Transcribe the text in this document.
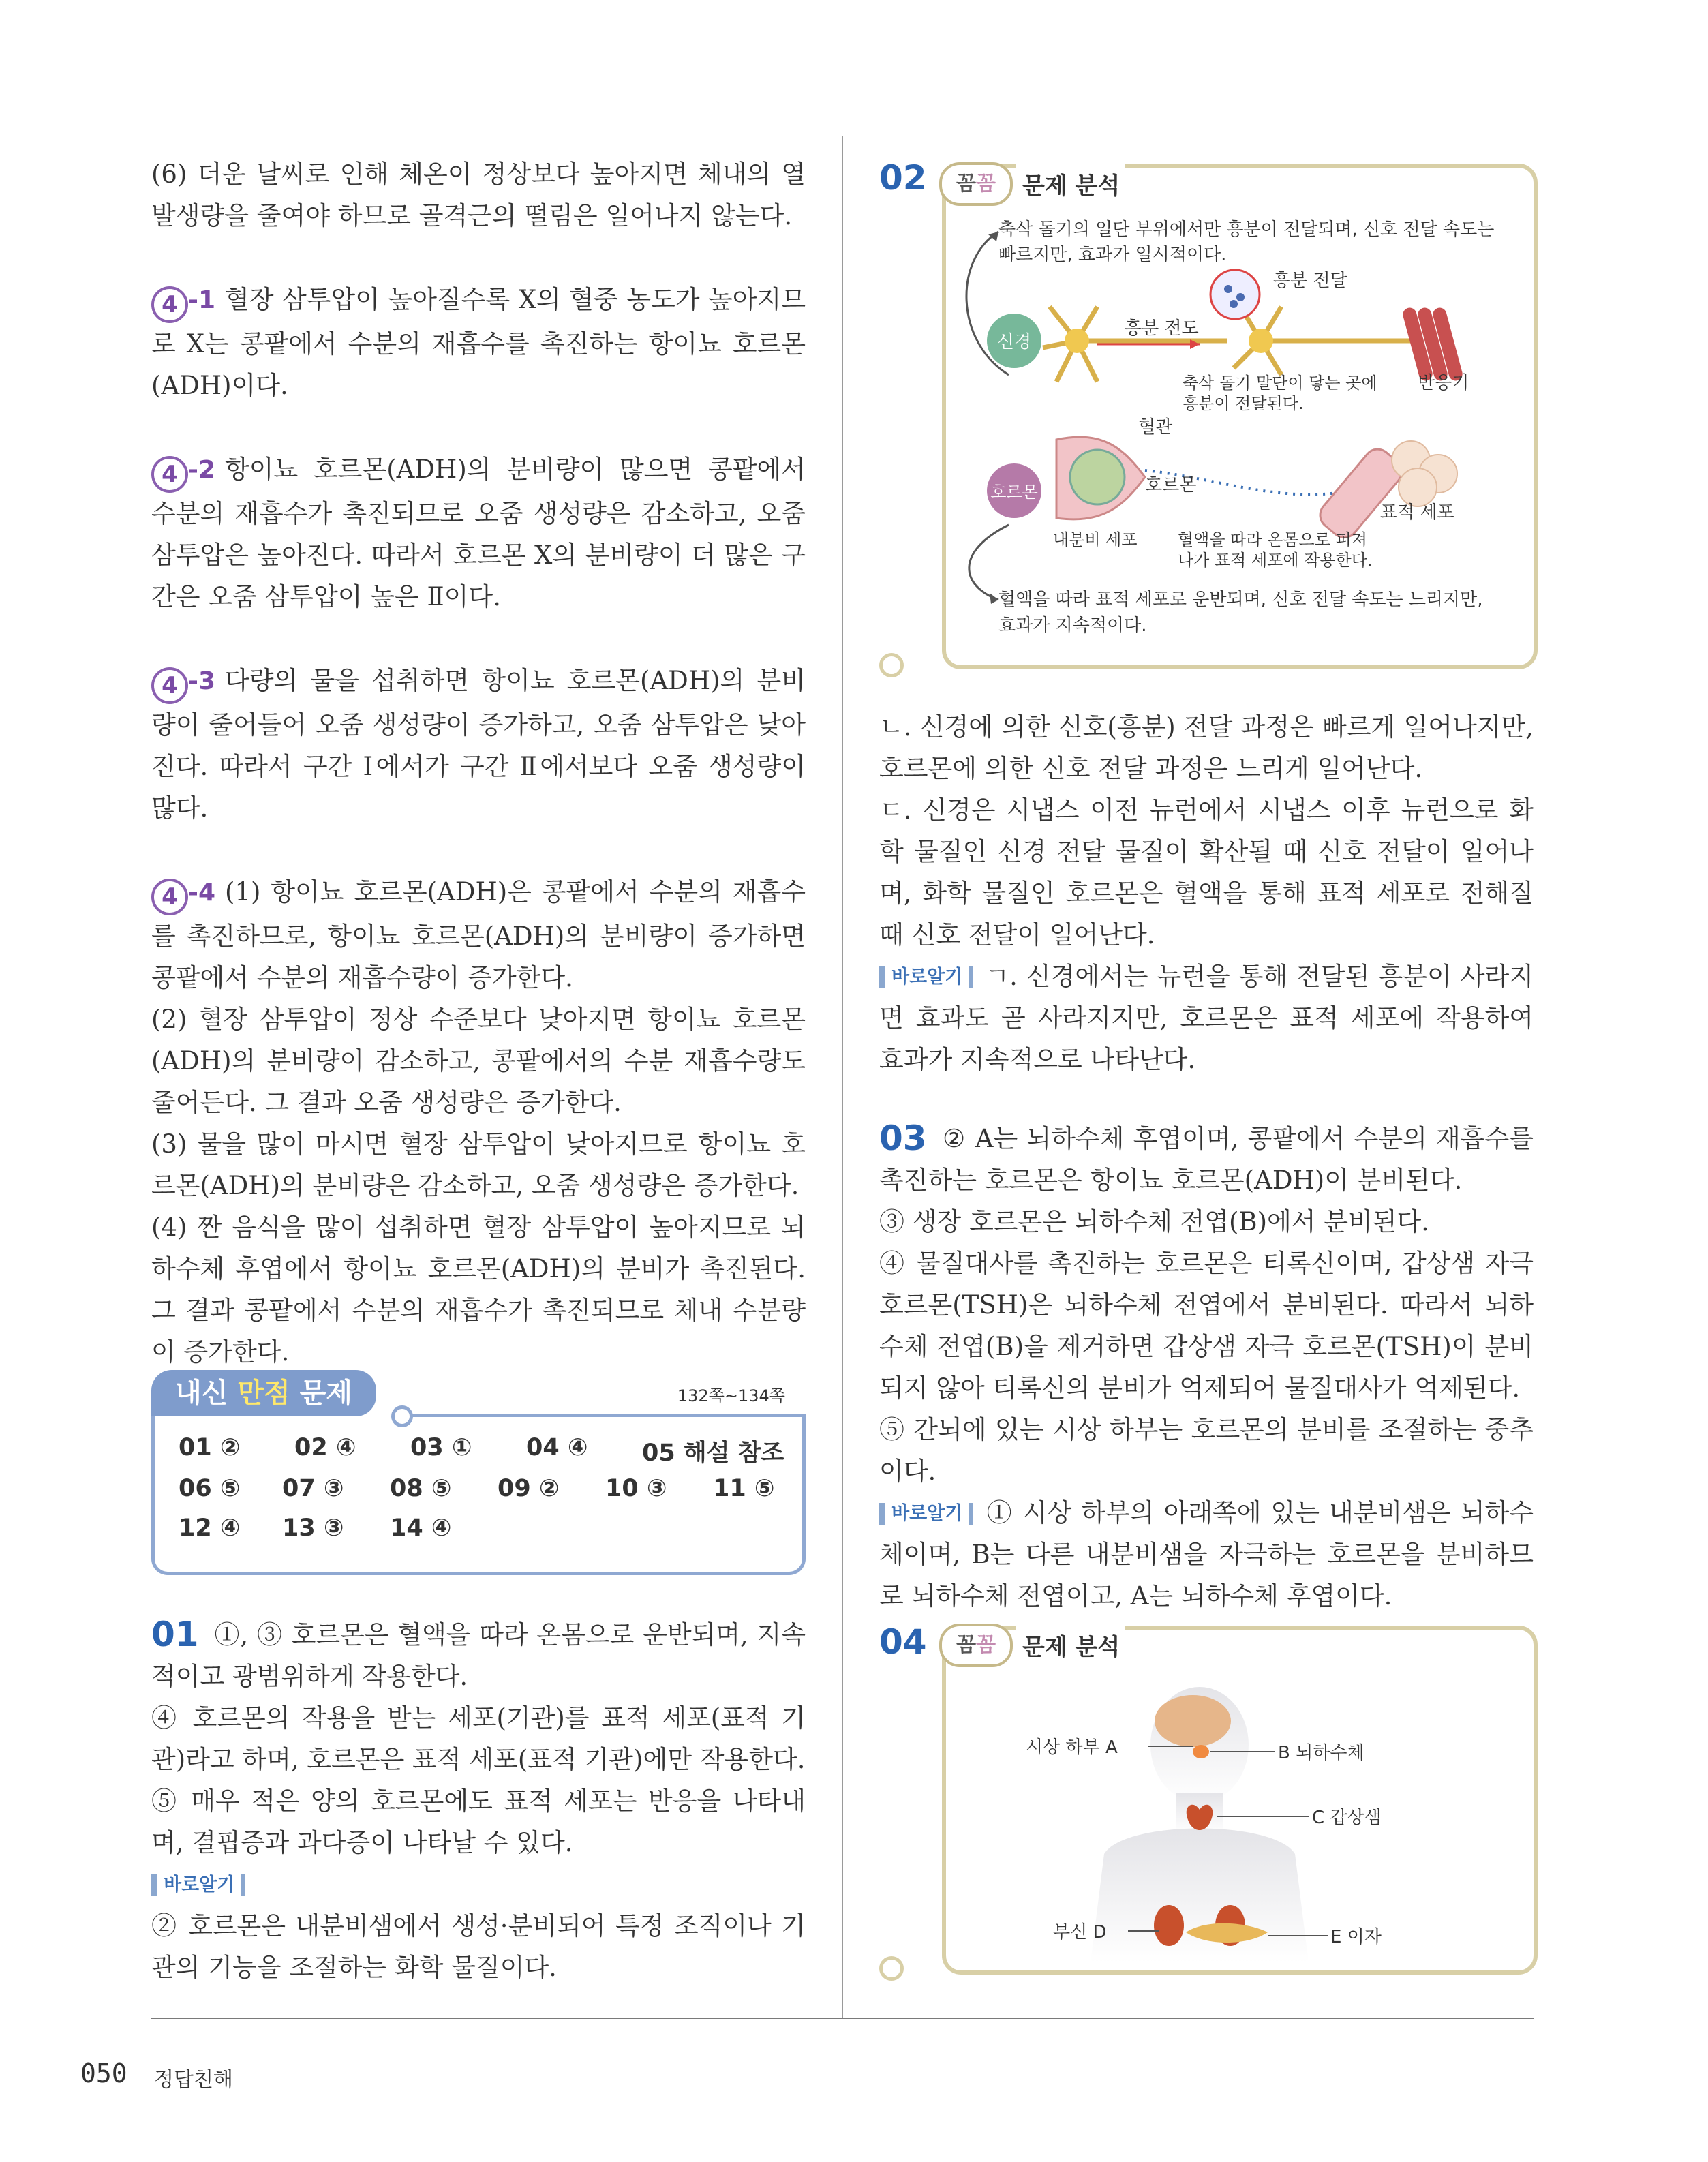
(6) 더운 날씨로 인해 체온이 정상보다 높아지면 체내의 열 발생량을 줄여야 하므로 골격근의 떨림은 일어나지 않는다.

4 -1 혈장 삼투압이 높아질수록 X의 혈중 농도가 높아지므로 X는 콩팥에서 수분의 재흡수를 촉진하는 항이뇨 호르몬(ADH)이다.

4 -2 항이뇨 호르몬(ADH)의 분비량이 많으면 콩팥에서 수분의 재흡수가 촉진되므로 오줌 생성량은 감소하고, 오줌 삼투압은 높아진다. 따라서 호르몬 X의 분비량이 더 많은 구간은 오줌 삼투압이 높은 Ⅱ이다.

4 -3 다량의 물을 섭취하면 항이뇨 호르몬(ADH)의 분비량이 줄어들어 오줌 생성량이 증가하고, 오줌 삼투압은 낮아진다. 따라서 구간 Ⅰ에서가 구간 Ⅱ에서보다 오줌 생성량이 많다.

4 -4 (1) 항이뇨 호르몬(ADH)은 콩팥에서 수분의 재흡수를 촉진하므로, 항이뇨 호르몬(ADH)의 분비량이 증가하면 콩팥에서 수분의 재흡수량이 증가한다.

(2) 혈장 삼투압이 정상 수준보다 낮아지면 항이뇨 호르몬(ADH)의 분비량이 감소하고, 콩팥에서의 수분 재흡수량도 줄어든다. 그 결과 오줌 생성량은 증가한다.

(3) 물을 많이 마시면 혈장 삼투압이 낮아지므로 항이뇨 호르몬(ADH)의 분비량은 감소하고, 오줌 생성량은 증가한다.

(4) 짠 음식을 많이 섭취하면 혈장 삼투압이 높아지므로 뇌하수체 후엽에서 항이뇨 호르몬(ADH)의 분비가 촉진된다. 그 결과 콩팥에서 수분의 재흡수가 촉진되므로 체내 수분량이 증가한다.

내신 만점 문제	132쪽~134쪽
01 ② 02 ④ 03 ① 04 ④ 05 해설 참조
06 ⑤ 07 ③ 08 ⑤ 09 ② 10 ③ 11 ⑤
12 ④ 13 ③ 14 ④

01 ①, ③ 호르몬은 혈액을 따라 온몸으로 운반되며, 지속적이고 광범위하게 작용한다.

④ 호르몬의 작용을 받는 세포(기관)를 표적 세포(표적 기관)라고 하며, 호르몬은 표적 세포(표적 기관)에만 작용한다.

⑤ 매우 적은 양의 호르몬에도 표적 세포는 반응을 나타내며, 결핍증과 과다증이 나타날 수 있다.

바로알기

② 호르몬은 내분비샘에서 생성·분비되어 특정 조직이나 기관의 기능을 조절하는 화학 물질이다.

02	꼼꼼	문제 분석
축삭 돌기의 일단 부위에서만 흥분이 전달되며, 신호 전달 속도는
빠르지만, 효과가 일시적이다.
신경
흥분 전도
흥분 전달
반응기
축삭 돌기 말단이 닿는 곳에
흥분이 전달된다.
혈관
호르몬
표적 세포
호르몬
내분비 세포 혈액을 따라 온몸으로 퍼져
나가 표적 세포에 작용한다.
혈액을 따라 표적 세포로 운반되며, 신호 전달 속도는 느리지만,
효과가 지속적이다.

ㄴ. 신경에 의한 신호(흥분) 전달 과정은 빠르게 일어나지만, 호르몬에 의한 신호 전달 과정은 느리게 일어난다.

ㄷ. 신경은 시냅스 이전 뉴런에서 시냅스 이후 뉴런으로 화학 물질인 신경 전달 물질이 확산될 때 신호 전달이 일어나며, 화학 물질인 호르몬은 혈액을 통해 표적 세포로 전해질 때 신호 전달이 일어난다.

바로알기 ㄱ. 신경에서는 뉴런을 통해 전달된 흥분이 사라지면 효과도 곧 사라지지만, 호르몬은 표적 세포에 작용하여 효과가 지속적으로 나타난다.

03 ② A는 뇌하수체 후엽이며, 콩팥에서 수분의 재흡수를 촉진하는 호르몬은 항이뇨 호르몬(ADH)이 분비된다.

③ 생장 호르몬은 뇌하수체 전엽(B)에서 분비된다.

④ 물질대사를 촉진하는 호르몬은 티록신이며, 갑상샘 자극 호르몬(TSH)은 뇌하수체 전엽에서 분비된다. 따라서 뇌하수체 전엽(B)을 제거하면 갑상샘 자극 호르몬(TSH)이 분비되지 않아 티록신의 분비가 억제되어 물질대사가 억제된다.

⑤ 간뇌에 있는 시상 하부는 호르몬의 분비를 조절하는 중추이다.

바로알기 ① 시상 하부의 아래쪽에 있는 내분비샘은 뇌하수체이며, B는 다른 내분비샘을 자극하는 호르몬을 분비하므로 뇌하수체 전엽이고, A는 뇌하수체 후엽이다.

04	꼼꼼	문제 분석
시상 하부 A	B 뇌하수체
C 갑상샘
부신 D	E 이자
050 정답친해
